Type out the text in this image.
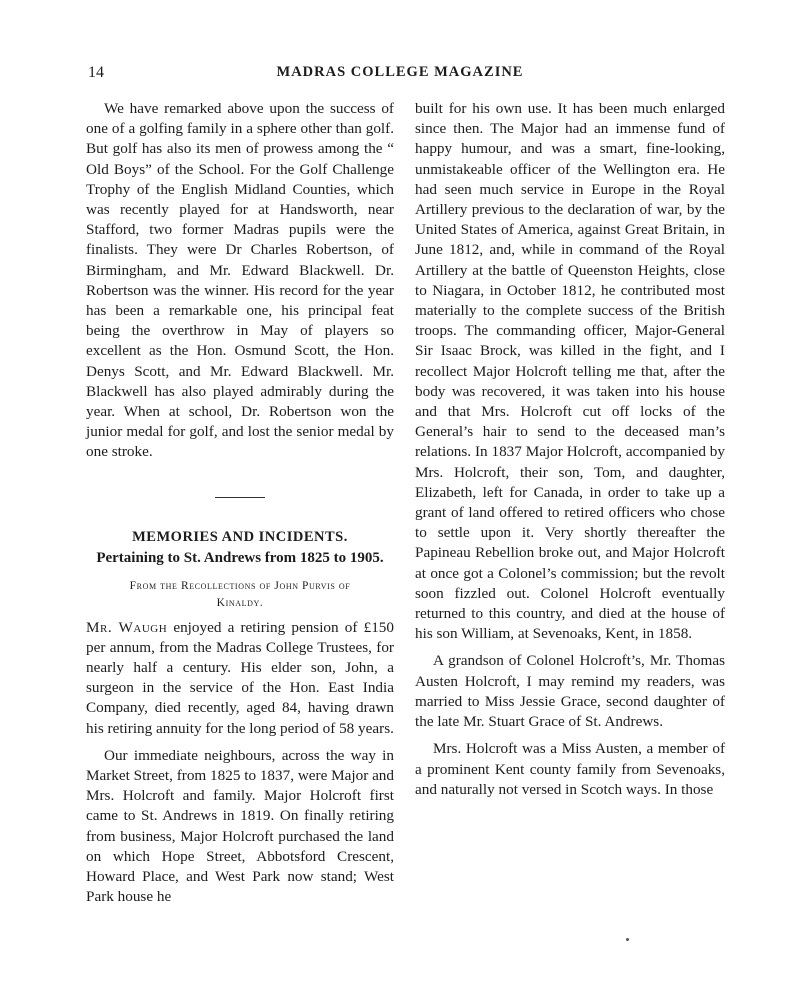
14	MADRAS COLLEGE MAGAZINE

We have remarked above upon the success of one of a golfing family in a sphere other than golf. But golf has also its men of prowess among the “ Old Boys” of the School. For the Golf Challenge Trophy of the English Midland Counties, which was recently played for at Handsworth, near Stafford, two former Madras pupils were the finalists. They were Dr Charles Robertson, of Birmingham, and Mr. Edward Blackwell. Dr. Robertson was the winner. His record for the year has been a remarkable one, his principal feat being the overthrow in May of players so excellent as the Hon. Osmund Scott, the Hon. Denys Scott, and Mr. Edward Blackwell. Mr. Blackwell has also played admirably during the year. When at school, Dr. Robertson won the junior medal for golf, and lost the senior medal by one stroke.

MEMORIES AND INCIDENTS.
Pertaining to St. Andrews from 1825 to 1905.
From the Recollections of John Purvis of
Kinaldy.

Mr. Waugh enjoyed a retiring pension of £150 per annum, from the Madras College Trustees, for nearly half a century. His elder son, John, a surgeon in the service of the Hon. East India Company, died recently, aged 84, having drawn his retiring annuity for the long period of 58 years.

Our immediate neighbours, across the way in Market Street, from 1825 to 1837, were Major and Mrs. Holcroft and family. Major Holcroft first came to St. Andrews in 1819. On finally retiring from business, Major Holcroft purchased the land on which Hope Street, Abbotsford Crescent, Howard Place, and West Park now stand; West Park house he

built for his own use. It has been much enlarged since then. The Major had an immense fund of happy humour, and was a smart, fine-looking, unmistakeable officer of the Wellington era. He had seen much service in Europe in the Royal Artillery previous to the declaration of war, by the United States of America, against Great Britain, in June 1812, and, while in command of the Royal Artillery at the battle of Queenston Heights, close to Niagara, in October 1812, he contributed most materially to the complete success of the British troops. The commanding officer, Major-General Sir Isaac Brock, was killed in the fight, and I recollect Major Holcroft telling me that, after the body was recovered, it was taken into his house and that Mrs. Holcroft cut off locks of the General’s hair to send to the deceased man’s relations. In 1837 Major Holcroft, accompanied by Mrs. Holcroft, their son, Tom, and daughter, Elizabeth, left for Canada, in order to take up a grant of land offered to retired officers who chose to settle upon it. Very shortly thereafter the Papineau Rebellion broke out, and Major Holcroft at once got a Colonel’s commission; but the revolt soon fizzled out. Colonel Holcroft eventually returned to this country, and died at the house of his son William, at Sevenoaks, Kent, in 1858.

A grandson of Colonel Holcroft’s, Mr. Thomas Austen Holcroft, I may remind my readers, was married to Miss Jessie Grace, second daughter of the late Mr. Stuart Grace of St. Andrews.

Mrs. Holcroft was a Miss Austen, a member of a prominent Kent county family from Sevenoaks, and naturally not versed in Scotch ways. In those
